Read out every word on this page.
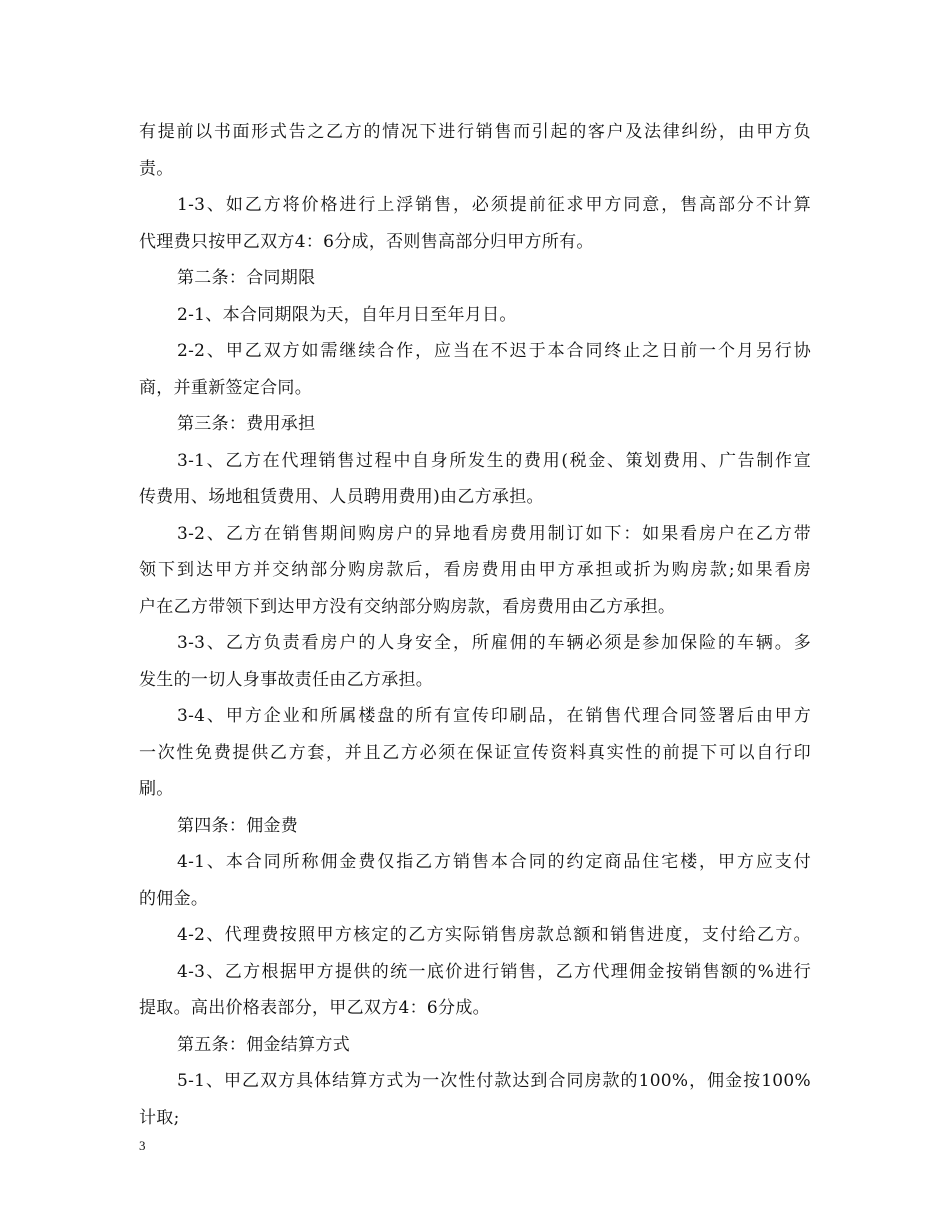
有提前以书面形式告之乙方的情况下进行销售而引起的客户及法律纠纷，由甲方负
责。
1-3、如乙方将价格进行上浮销售，必须提前征求甲方同意，售高部分不计算
代理费只按甲乙双方4：6分成，否则售高部分归甲方所有。
第二条：合同期限
2-1、本合同期限为天，自年月日至年月日。
2-2、甲乙双方如需继续合作，应当在不迟于本合同终止之日前一个月另行协
商，并重新签定合同。
第三条：费用承担
3-1、乙方在代理销售过程中自身所发生的费用(税金、策划费用、广告制作宣
传费用、场地租赁费用、人员聘用费用)由乙方承担。
3-2、乙方在销售期间购房户的异地看房费用制订如下：如果看房户在乙方带
领下到达甲方并交纳部分购房款后，看房费用由甲方承担或折为购房款;如果看房
户在乙方带领下到达甲方没有交纳部分购房款，看房费用由乙方承担。
3-3、乙方负责看房户的人身安全，所雇佣的车辆必须是参加保险的车辆。多
发生的一切人身事故责任由乙方承担。
3-4、甲方企业和所属楼盘的所有宣传印刷品，在销售代理合同签署后由甲方
一次性免费提供乙方套，并且乙方必须在保证宣传资料真实性的前提下可以自行印
刷。
第四条：佣金费
4-1、本合同所称佣金费仅指乙方销售本合同的约定商品住宅楼，甲方应支付
的佣金。
4-2、代理费按照甲方核定的乙方实际销售房款总额和销售进度，支付给乙方。
4-3、乙方根据甲方提供的统一底价进行销售，乙方代理佣金按销售额的%进行
提取。高出价格表部分，甲乙双方4：6分成。
第五条：佣金结算方式
5-1、甲乙双方具体结算方式为一次性付款达到合同房款的100%，佣金按100%
计取;
3
